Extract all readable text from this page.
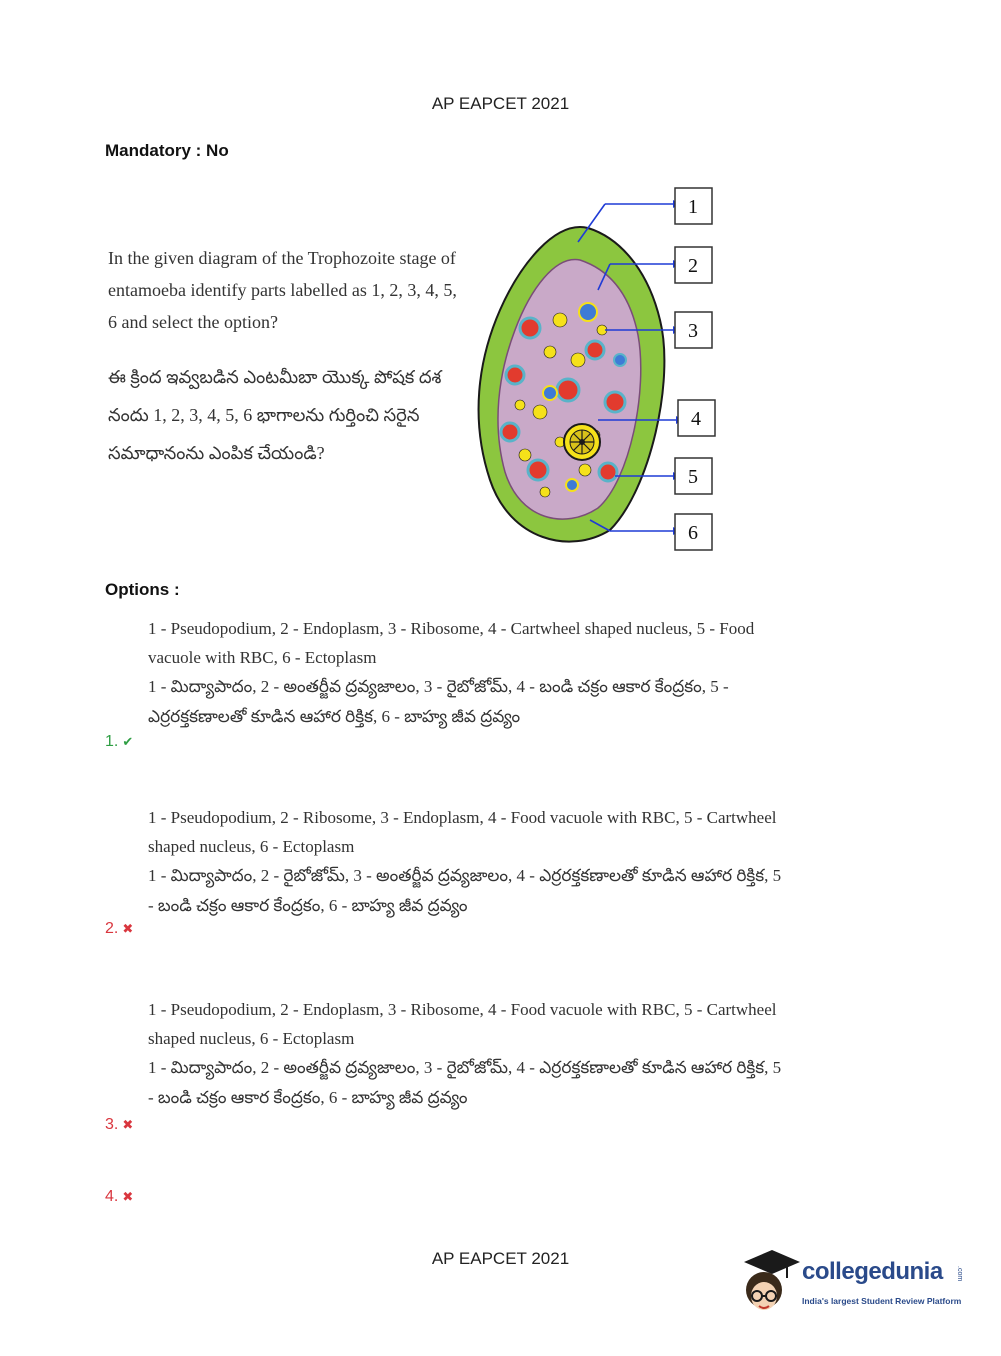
AP EAPCET 2021
Mandatory : No

In the given diagram of the Trophozoite stage of entamoeba identify parts labelled as 1, 2, 3, 4, 5, 6 and select the option?

ఈ క్రింద ఇవ్వబడిన ఎంటమీబా యొక్క పోషక దశ నందు 1, 2, 3, 4, 5, 6 భాగాలను గుర్తించి సరైన సమాధానంను ఎంపిక చేయండి?

1
2
3
4
5
6
Options :

1 - Pseudopodium, 2 - Endoplasm, 3 - Ribosome, 4 - Cartwheel shaped nucleus, 5 - Food vacuole with RBC, 6 - Ectoplasm

1 - మిద్యాపాదం, 2 - అంతర్జీవ ద్రవ్యజాలం, 3 - రైబోజోమ్, 4 - బండి చక్రం ఆకార కేంద్రకం, 5 - ఎర్రరక్తకణాలతో కూడిన ఆహార రిక్తిక, 6 - బాహ్య జీవ ద్రవ్యం

1. ✔

1 - Pseudopodium, 2 - Ribosome, 3 - Endoplasm, 4 - Food vacuole with RBC, 5 - Cartwheel shaped nucleus, 6 - Ectoplasm

1 - మిద్యాపాదం, 2 - రైబోజోమ్, 3 - అంతర్జీవ ద్రవ్యజాలం, 4 - ఎర్రరక్తకణాలతో కూడిన ఆహార రిక్తిక, 5 - బండి చక్రం ఆకార కేంద్రకం, 6 - బాహ్య జీవ ద్రవ్యం

2. ✖

1 - Pseudopodium, 2 - Endoplasm, 3 - Ribosome, 4 - Food vacuole with RBC, 5 - Cartwheel shaped nucleus, 6 - Ectoplasm

1 - మిద్యాపాదం, 2 - అంతర్జీవ ద్రవ్యజాలం, 3 - రైబోజోమ్, 4 - ఎర్రరక్తకణాలతో కూడిన ఆహార రిక్తిక, 5 - బండి చక్రం ఆకార కేంద్రకం, 6 - బాహ్య జీవ ద్రవ్యం

3. ✖
4. ✖
AP EAPCET 2021	collegedunia .com
India's largest Student Review Platform
